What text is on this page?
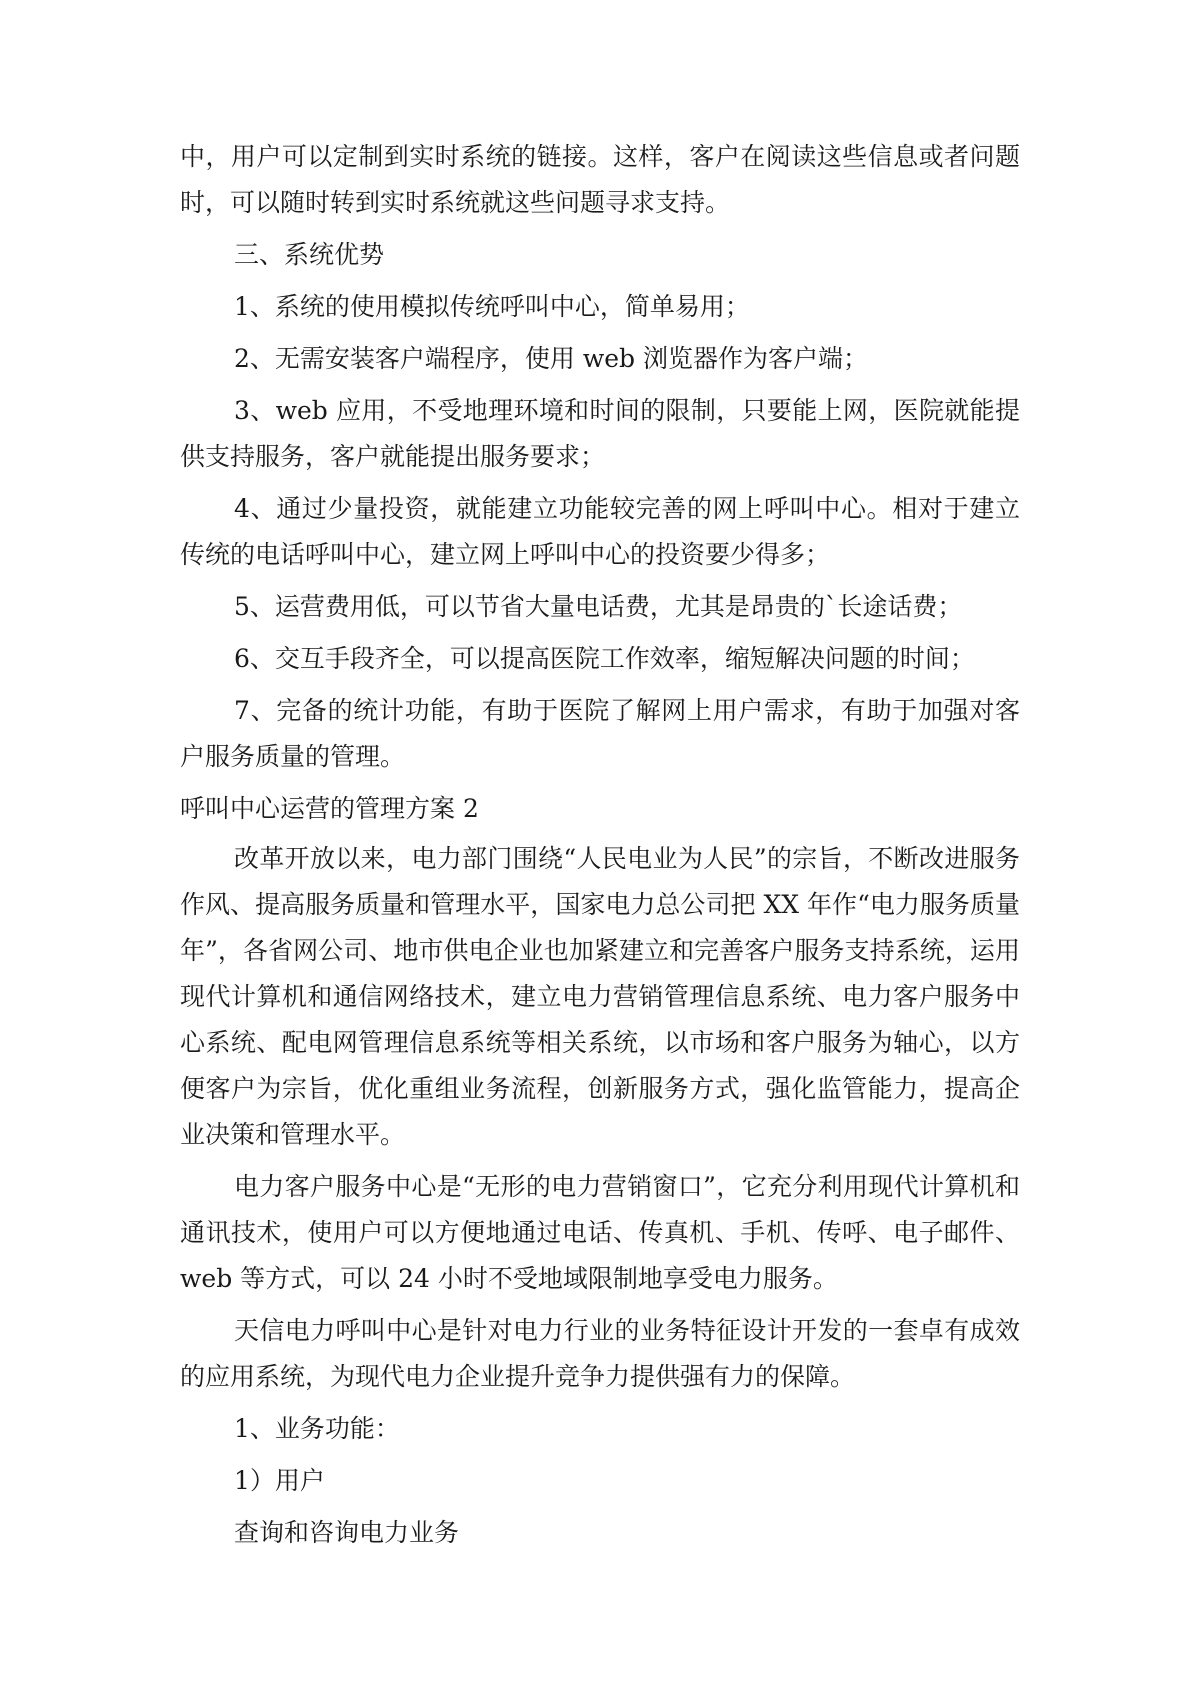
中，用户可以定制到实时系统的链接。这样，客户在阅读这些信息或者问题时，可以随时转到实时系统就这些问题寻求支持。

三、系统优势

1、系统的使用模拟传统呼叫中心，简单易用；

2、无需安装客户端程序，使用 web 浏览器作为客户端；

3、web 应用，不受地理环境和时间的限制，只要能上网，医院就能提供支持服务，客户就能提出服务要求；

4、通过少量投资，就能建立功能较完善的网上呼叫中心。相对于建立传统的电话呼叫中心，建立网上呼叫中心的投资要少得多；

5、运营费用低，可以节省大量电话费，尤其是昂贵的`长途话费；

6、交互手段齐全，可以提高医院工作效率，缩短解决问题的时间；

7、完备的统计功能，有助于医院了解网上用户需求，有助于加强对客户服务质量的管理。

呼叫中心运营的管理方案 2

改革开放以来，电力部门围绕“人民电业为人民”的宗旨，不断改进服务作风、提高服务质量和管理水平，国家电力总公司把 XX 年作“电力服务质量年”，各省网公司、地市供电企业也加紧建立和完善客户服务支持系统，运用现代计算机和通信网络技术，建立电力营销管理信息系统、电力客户服务中心系统、配电网管理信息系统等相关系统，以市场和客户服务为轴心，以方便客户为宗旨，优化重组业务流程，创新服务方式，强化监管能力，提高企业决策和管理水平。

电力客户服务中心是“无形的电力营销窗口”，它充分利用现代计算机和通讯技术，使用户可以方便地通过电话、传真机、手机、传呼、电子邮件、web 等方式，可以 24 小时不受地域限制地享受电力服务。

天信电力呼叫中心是针对电力行业的业务特征设计开发的一套卓有成效的应用系统，为现代电力企业提升竞争力提供强有力的保障。

1、业务功能：

1）用户

查询和咨询电力业务
